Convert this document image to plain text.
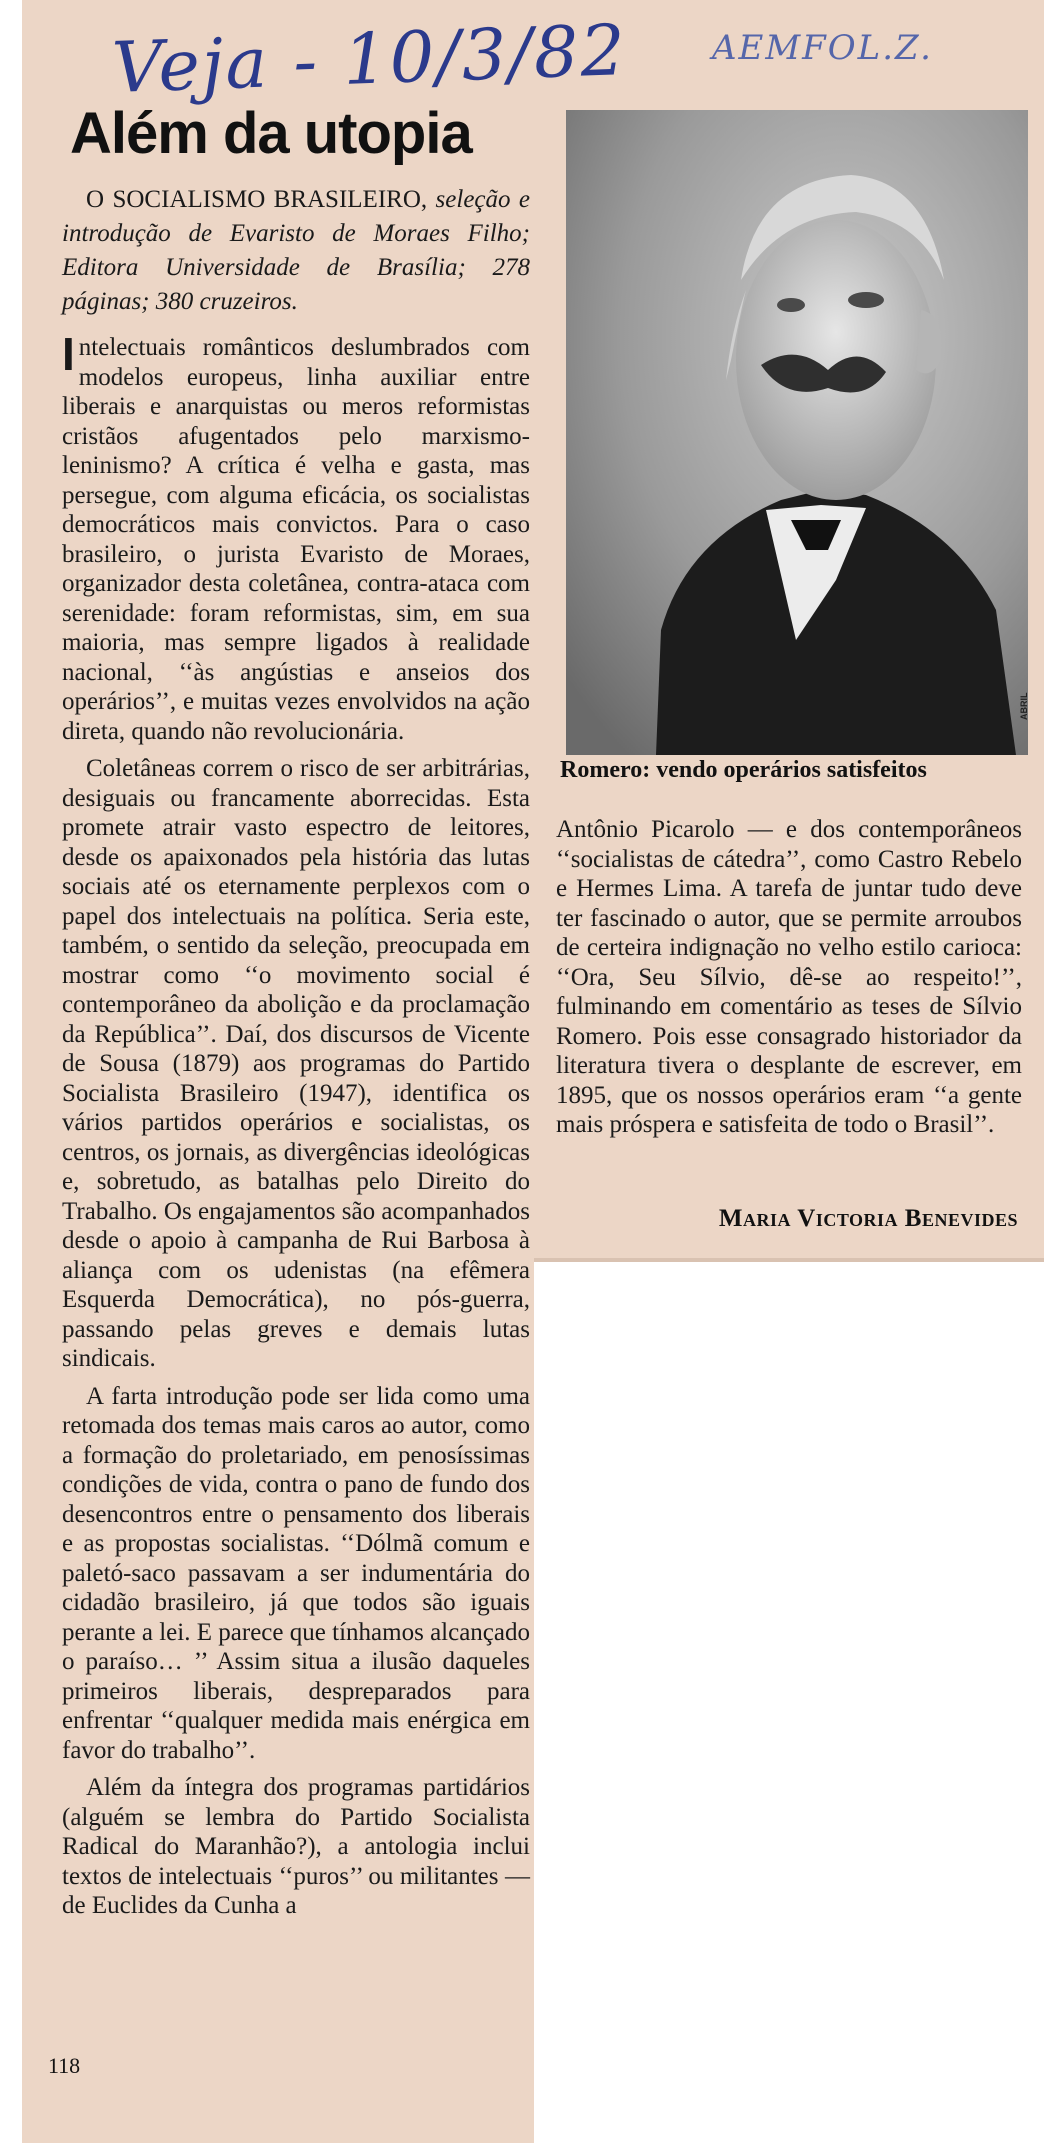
Veja - 10/3/82 AEMFOL.Z.
Além da utopia

O SOCIALISMO BRASILEIRO, seleção e introdução de Evaristo de Moraes Filho; Editora Universidade de Brasília; 278 páginas; 380 cruzeiros.

Intelectuais românticos deslumbrados com modelos europeus, linha auxiliar entre liberais e anarquistas ou meros reformistas cristãos afugentados pelo marxismo-leninismo? A crítica é velha e gasta, mas persegue, com alguma eficácia, os socialistas democráticos mais convictos. Para o caso brasileiro, o jurista Evaristo de Moraes, organizador desta coletânea, contra-ataca com serenidade: foram reformistas, sim, em sua maioria, mas sempre ligados à realidade nacional, ‘‘às angústias e anseios dos operários’’, e muitas vezes envolvidos na ação direta, quando não revolucionária.

Coletâneas correm o risco de ser arbitrárias, desiguais ou francamente aborrecidas. Esta promete atrair vasto espectro de leitores, desde os apaixonados pela história das lutas sociais até os eternamente perplexos com o papel dos intelectuais na política. Seria este, também, o sentido da seleção, preocupada em mostrar como ‘‘o movimento social é contemporâneo da abolição e da proclamação da República’’. Daí, dos discursos de Vicente de Sousa (1879) aos programas do Partido Socialista Brasileiro (1947), identifica os vários partidos operários e socialistas, os centros, os jornais, as divergências ideológicas e, sobretudo, as batalhas pelo Direito do Trabalho. Os engajamentos são acompanhados desde o apoio à campanha de Rui Barbosa à aliança com os udenistas (na efêmera Esquerda Democrática), no pós-guerra, passando pelas greves e demais lutas sindicais.

A farta introdução pode ser lida como uma retomada dos temas mais caros ao autor, como a formação do proletariado, em penosíssimas condições de vida, contra o pano de fundo dos desencontros entre o pensamento dos liberais e as propostas socialistas. ‘‘Dólmã comum e paletó-saco passavam a ser indumentária do cidadão brasileiro, já que todos são iguais perante a lei. E parece que tínhamos alcançado o paraíso… ’’ Assim situa a ilusão daqueles primeiros liberais, despreparados para enfrentar ‘‘qualquer medida mais enérgica em favor do trabalho’’.

Além da íntegra dos programas partidários (alguém se lembra do Partido Socialista Radical do Maranhão?), a antologia inclui textos de intelectuais ‘‘puros’’ ou militantes — de Euclides da Cunha a

ABRIL

Romero: vendo operários satisfeitos

Antônio Picarolo — e dos contemporâneos ‘‘socialistas de cátedra’’, como Castro Rebelo e Hermes Lima. A tarefa de juntar tudo deve ter fascinado o autor, que se permite arroubos de certeira indignação no velho estilo carioca: ‘‘Ora, Seu Sílvio, dê-se ao respeito!’’, fulminando em comentário as teses de Sílvio Romero. Pois esse consagrado historiador da literatura tivera o desplante de escrever, em 1895, que os nossos operários eram ‘‘a gente mais próspera e satisfeita de todo o Brasil’’.

Maria Victoria Benevides

118
